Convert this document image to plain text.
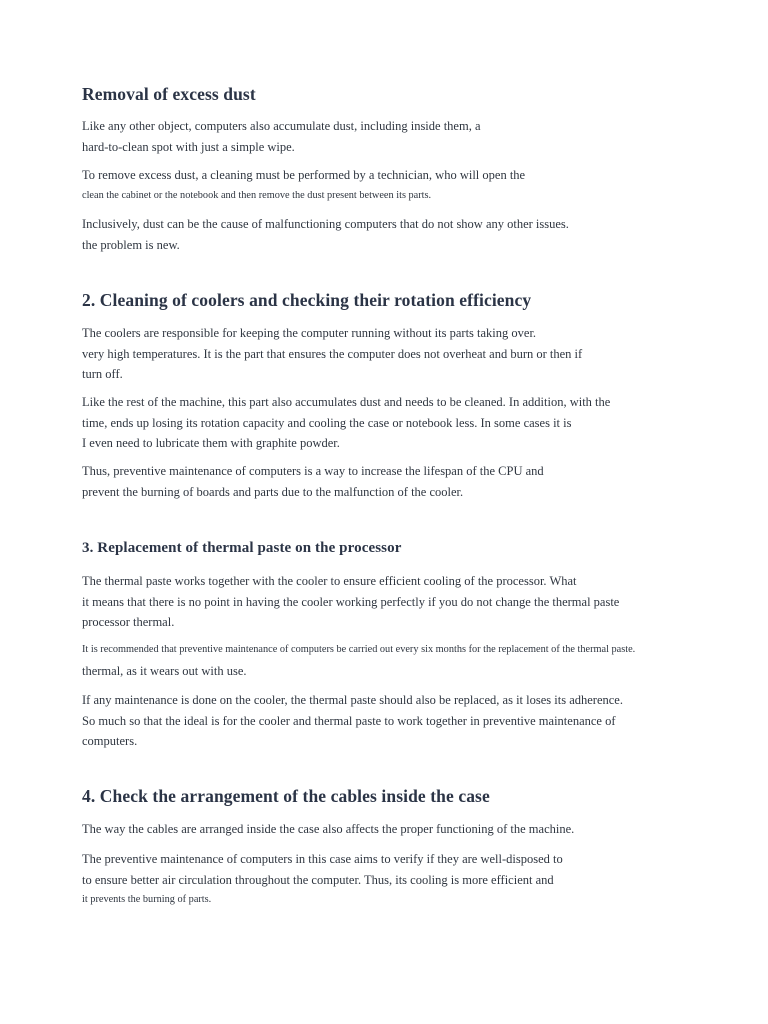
Removal of excess dust
Like any other object, computers also accumulate dust, including inside them, a
hard-to-clean spot with just a simple wipe.
To remove excess dust, a cleaning must be performed by a technician, who will open the
clean the cabinet or the notebook and then remove the dust present between its parts.
Inclusively, dust can be the cause of malfunctioning computers that do not show any other issues.
the problem is new.
2. Cleaning of coolers and checking their rotation efficiency
The coolers are responsible for keeping the computer running without its parts taking over.
very high temperatures. It is the part that ensures the computer does not overheat and burn or then if
turn off.
Like the rest of the machine, this part also accumulates dust and needs to be cleaned. In addition, with the
time, ends up losing its rotation capacity and cooling the case or notebook less. In some cases it is
I even need to lubricate them with graphite powder.
Thus, preventive maintenance of computers is a way to increase the lifespan of the CPU and
prevent the burning of boards and parts due to the malfunction of the cooler.
3. Replacement of thermal paste on the processor
The thermal paste works together with the cooler to ensure efficient cooling of the processor. What
it means that there is no point in having the cooler working perfectly if you do not change the thermal paste
processor thermal.
It is recommended that preventive maintenance of computers be carried out every six months for the replacement of the thermal paste.
thermal, as it wears out with use.
If any maintenance is done on the cooler, the thermal paste should also be replaced, as it loses its adherence.
So much so that the ideal is for the cooler and thermal paste to work together in preventive maintenance of
computers.
4. Check the arrangement of the cables inside the case
The way the cables are arranged inside the case also affects the proper functioning of the machine.
The preventive maintenance of computers in this case aims to verify if they are well-disposed to
to ensure better air circulation throughout the computer. Thus, its cooling is more efficient and
it prevents the burning of parts.
